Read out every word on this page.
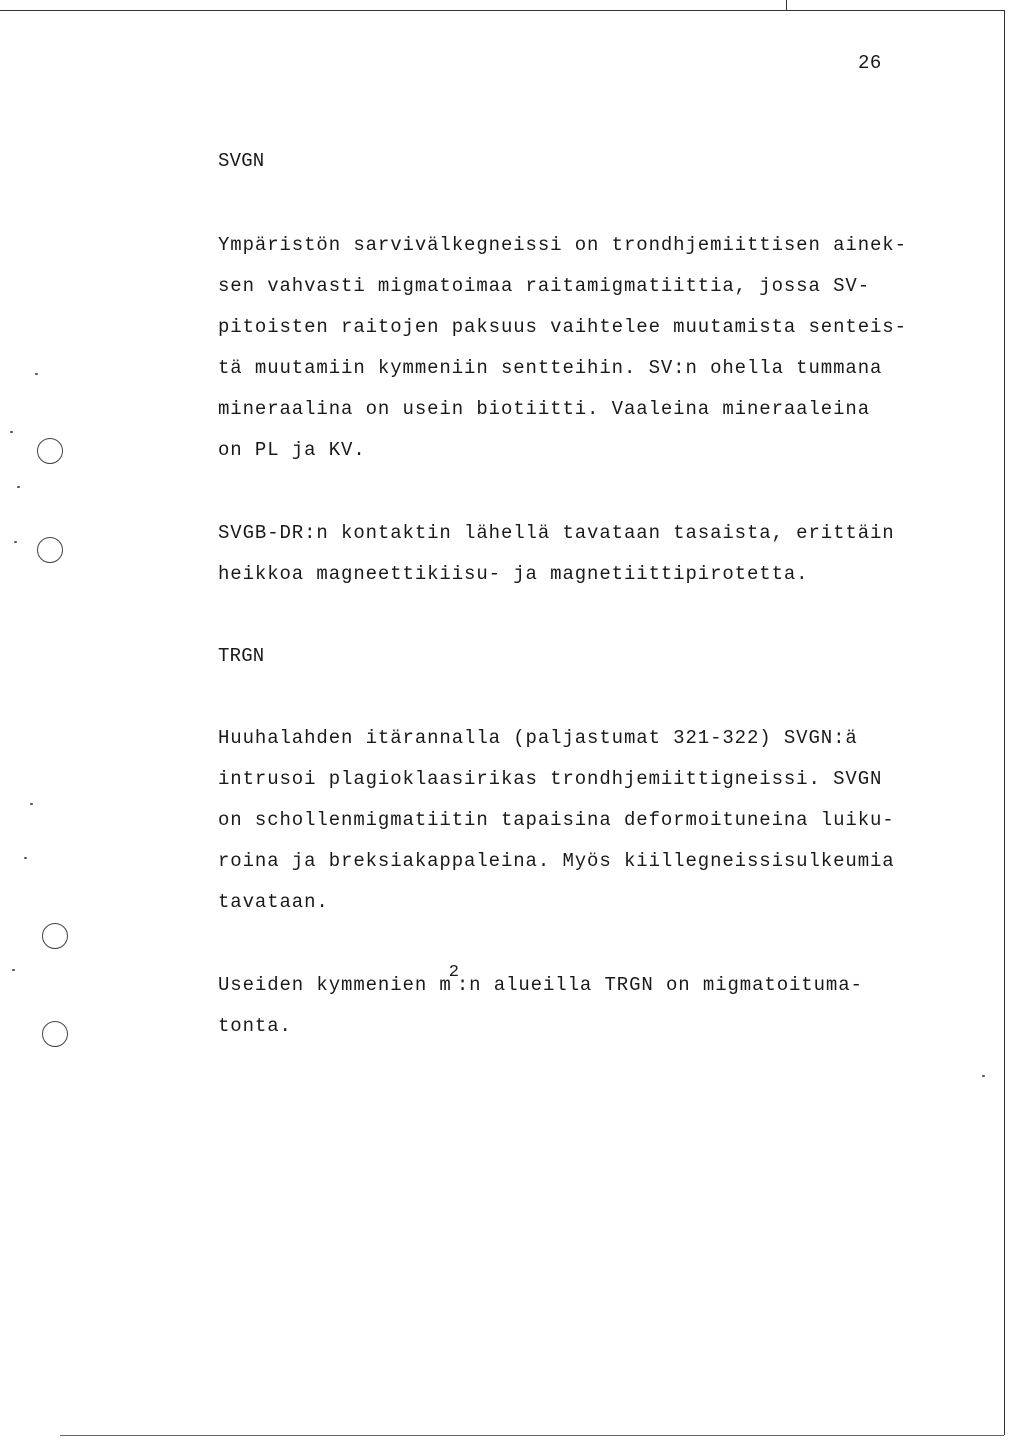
26
SVGN

Ympäristön sarvivälkegneissi on trondhjemiittisen ainek-
sen vahvasti migmatoimaa raitamigmatiittia, jossa SV-
pitoisten raitojen paksuus vaihtelee muutamista senteis-
tä muutamiin kymmeniin sentteihin. SV:n ohella tummana
mineraalina on usein biotiitti. Vaaleina mineraaleina
on PL ja KV.

SVGB-DR:n kontaktin lähellä tavataan tasaista, erittäin
heikkoa magneettikiisu- ja magnetiittipirotetta.

TRGN

Huuhalahden itärannalla (paljastumat 321-322) SVGN:ä
intrusoi plagioklaasirikas trondhjemiittigneissi. SVGN
on schollenmigmatiitin tapaisina deformoituneina luiku-
roina ja breksiakappaleina. Myös kiillegneissisulkeumia
tavataan.

Useiden kymmenien m2:n alueilla TRGN on migmatoituma-
tonta.
